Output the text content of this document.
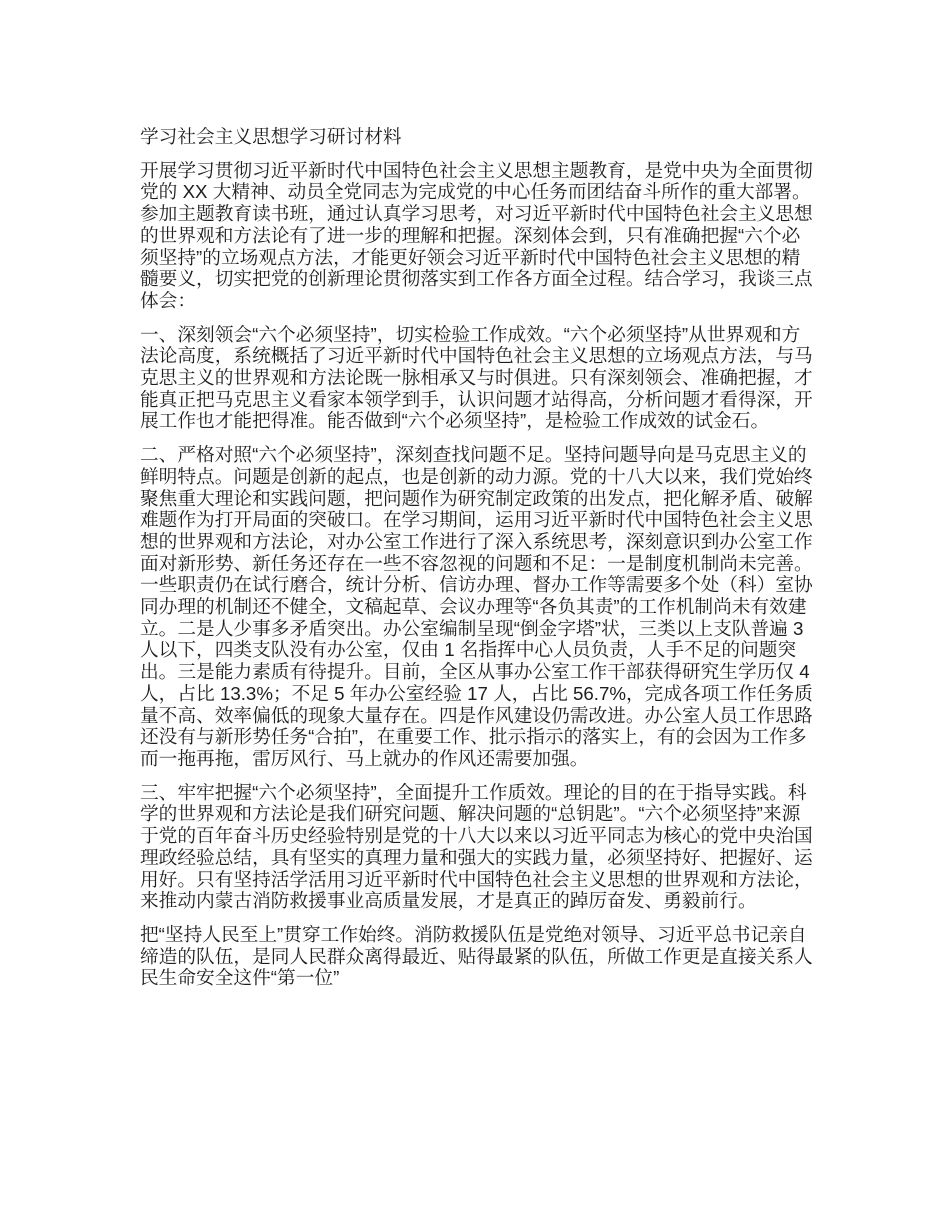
学习社会主义思想学习研讨材料

开展学习贯彻习近平新时代中国特色社会主义思想主题教育，是党中央为全面贯彻党的 XX 大精神、动员全党同志为完成党的中心任务而团结奋斗所作的重大部署。参加主题教育读书班，通过认真学习思考，对习近平新时代中国特色社会主义思想的世界观和方法论有了进一步的理解和把握。深刻体会到，只有准确把握“六个必须坚持”的立场观点方法，才能更好领会习近平新时代中国特色社会主义思想的精髓要义，切实把党的创新理论贯彻落实到工作各方面全过程。结合学习，我谈三点体会：

一、深刻领会“六个必须坚持”，切实检验工作成效。“六个必须坚持”从世界观和方法论高度，系统概括了习近平新时代中国特色社会主义思想的立场观点方法，与马克思主义的世界观和方法论既一脉相承又与时俱进。只有深刻领会、准确把握，才能真正把马克思主义看家本领学到手，认识问题才站得高，分析问题才看得深，开展工作也才能把得准。能否做到“六个必须坚持”，是检验工作成效的试金石。

二、严格对照“六个必须坚持”，深刻查找问题不足。坚持问题导向是马克思主义的鲜明特点。问题是创新的起点，也是创新的动力源。党的十八大以来，我们党始终聚焦重大理论和实践问题，把问题作为研究制定政策的出发点，把化解矛盾、破解难题作为打开局面的突破口。在学习期间，运用习近平新时代中国特色社会主义思想的世界观和方法论，对办公室工作进行了深入系统思考，深刻意识到办公室工作面对新形势、新任务还存在一些不容忽视的问题和不足：一是制度机制尚未完善。一些职责仍在试行磨合，统计分析、信访办理、督办工作等需要多个处（科）室协同办理的机制还不健全，文稿起草、会议办理等“各负其责”的工作机制尚未有效建立。二是人少事多矛盾突出。办公室编制呈现“倒金字塔”状，三类以上支队普遍 3 人以下，四类支队没有办公室，仅由 1 名指挥中心人员负责，人手不足的问题突出。三是能力素质有待提升。目前，全区从事办公室工作干部获得研究生学历仅 4 人，占比 13.3%；不足 5 年办公室经验 17 人，占比 56.7%，完成各项工作任务质量不高、效率偏低的现象大量存在。四是作风建设仍需改进。办公室人员工作思路还没有与新形势任务“合拍”，在重要工作、批示指示的落实上，有的会因为工作多而一拖再拖，雷厉风行、马上就办的作风还需要加强。

三、牢牢把握“六个必须坚持”，全面提升工作质效。理论的目的在于指导实践。科学的世界观和方法论是我们研究问题、解决问题的“总钥匙”。“六个必须坚持”来源于党的百年奋斗历史经验特别是党的十八大以来以习近平同志为核心的党中央治国理政经验总结，具有坚实的真理力量和强大的实践力量，必须坚持好、把握好、运用好。只有坚持活学活用习近平新时代中国特色社会主义思想的世界观和方法论，来推动内蒙古消防救援事业高质量发展，才是真正的踔厉奋发、勇毅前行。

把“坚持人民至上”贯穿工作始终。消防救援队伍是党绝对领导、习近平总书记亲自缔造的队伍，是同人民群众离得最近、贴得最紧的队伍，所做工作更是直接关系人民生命安全这件“第一位”
